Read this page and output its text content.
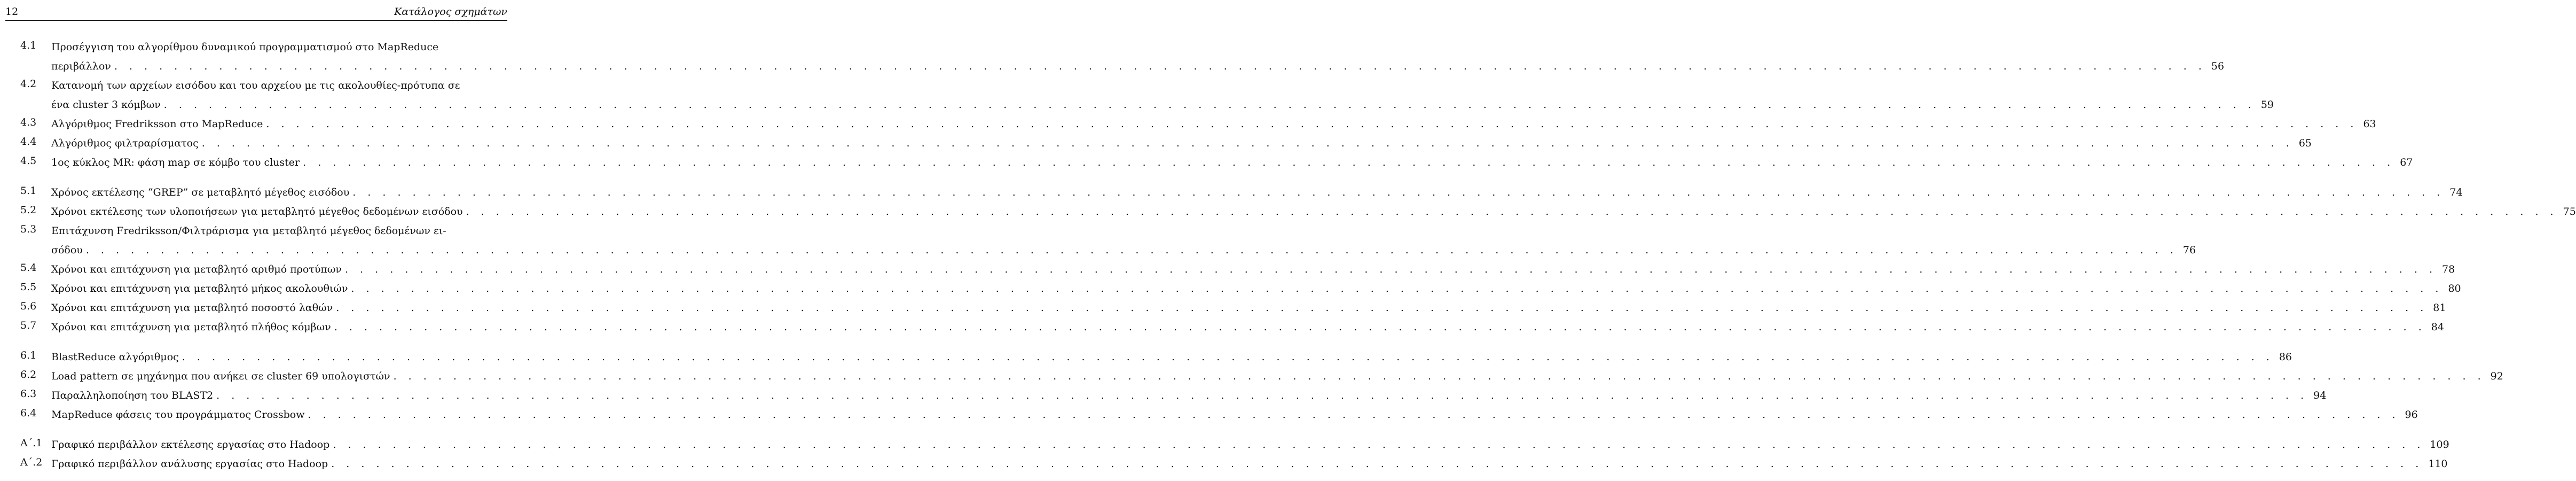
12	Κατάλογος σχημάτων
4.1	Προσέγγιση του αλγορίθμου δυναμικού προγραμματισμού στο MapReduce
περιβάλλον . . . . . . . . . . . . . . . . . . . . . . . . . . . . . . . . . . . . . . . . . . . . . . . . . . . . . . . . . . . . . . . . . . . . . . . . . . . . . . . . . . . . . . . . . . . . . . . . . . . . . . . . . . . . . . . . . . . . . . . . . . . . . . . . . . . . . . . . . . . . 56
4.2	Κατανομή των αρχείων εισόδου και του αρχείου με τις ακολουθίες-πρότυπα σε
ένα cluster 3 κόμβων . . . . . . . . . . . . . . . . . . . . . . . . . . . . . . . . . . . . . . . . . . . . . . . . . . . . . . . . . . . . . . . . . . . . . . . . . . . . . . . . . . . . . . . . . . . . . . . . . . . . . . . . . . . . . . . . . . . . . . . . . . . . . . . . . . . . . . . . . . . . 59
4.3	Αλγόριθμος Fredriksson στο MapReduce . . . . . . . . . . . . . . . . . . . . . . . . . . . . . . . . . . . . . . . . . . . . . . . . . . . . . . . . . . . . . . . . . . . . . . . . . . . . . . . . . . . . . . . . . . . . . . . . . . . . . . . . . . . . . . . . . . . . . . . . . . . . . . . . . . . . . . . . . . . . 63
4.4	Αλγόριθμος φιλτραρίσματος . . . . . . . . . . . . . . . . . . . . . . . . . . . . . . . . . . . . . . . . . . . . . . . . . . . . . . . . . . . . . . . . . . . . . . . . . . . . . . . . . . . . . . . . . . . . . . . . . . . . . . . . . . . . . . . . . . . . . . . . . . . . . . . . . . . . . . . . . . . . 65
4.5	1ος κύκλος MR: φάση map σε κόμβο του cluster . . . . . . . . . . . . . . . . . . . . . . . . . . . . . . . . . . . . . . . . . . . . . . . . . . . . . . . . . . . . . . . . . . . . . . . . . . . . . . . . . . . . . . . . . . . . . . . . . . . . . . . . . . . . . . . . . . . . . . . . . . . . . . . . . . . . . . . . . . . . 67
5.1	Χρόνος εκτέλεσης “GREP” σε μεταβλητό μέγεθος εισόδου . . . . . . . . . . . . . . . . . . . . . . . . . . . . . . . . . . . . . . . . . . . . . . . . . . . . . . . . . . . . . . . . . . . . . . . . . . . . . . . . . . . . . . . . . . . . . . . . . . . . . . . . . . . . . . . . . . . . . . . . . . . . . . . . . . . . . . . . . . . . 74
5.2	Χρόνοι εκτέλεσης των υλοποιήσεων για μεταβλητό μέγεθος δεδομένων εισόδου . . . . . . . . . . . . . . . . . . . . . . . . . . . . . . . . . . . . . . . . . . . . . . . . . . . . . . . . . . . . . . . . . . . . . . . . . . . . . . . . . . . . . . . . . . . . . . . . . . . . . . . . . . . . . . . . . . . . . . . . . . . . . . . . . . . . . . . . . . . . 75
5.3	Επιτάχυνση Fredriksson/Φιλτράρισμα για μεταβλητό μέγεθος δεδομένων ει-
σόδου . . . . . . . . . . . . . . . . . . . . . . . . . . . . . . . . . . . . . . . . . . . . . . . . . . . . . . . . . . . . . . . . . . . . . . . . . . . . . . . . . . . . . . . . . . . . . . . . . . . . . . . . . . . . . . . . . . . . . . . . . . . . . . . . . . . . . . . . . . . . 76
5.4	Χρόνοι και επιτάχυνση για μεταβλητό αριθμό προτύπων . . . . . . . . . . . . . . . . . . . . . . . . . . . . . . . . . . . . . . . . . . . . . . . . . . . . . . . . . . . . . . . . . . . . . . . . . . . . . . . . . . . . . . . . . . . . . . . . . . . . . . . . . . . . . . . . . . . . . . . . . . . . . . . . . . . . . . . . . . . . 78
5.5	Χρόνοι και επιτάχυνση για μεταβλητό μήκος ακολουθιών . . . . . . . . . . . . . . . . . . . . . . . . . . . . . . . . . . . . . . . . . . . . . . . . . . . . . . . . . . . . . . . . . . . . . . . . . . . . . . . . . . . . . . . . . . . . . . . . . . . . . . . . . . . . . . . . . . . . . . . . . . . . . . . . . . . . . . . . . . . . 80
5.6	Χρόνοι και επιτάχυνση για μεταβλητό ποσοστό λαθών . . . . . . . . . . . . . . . . . . . . . . . . . . . . . . . . . . . . . . . . . . . . . . . . . . . . . . . . . . . . . . . . . . . . . . . . . . . . . . . . . . . . . . . . . . . . . . . . . . . . . . . . . . . . . . . . . . . . . . . . . . . . . . . . . . . . . . . . . . . . 81
5.7	Χρόνοι και επιτάχυνση για μεταβλητό πλήθος κόμβων . . . . . . . . . . . . . . . . . . . . . . . . . . . . . . . . . . . . . . . . . . . . . . . . . . . . . . . . . . . . . . . . . . . . . . . . . . . . . . . . . . . . . . . . . . . . . . . . . . . . . . . . . . . . . . . . . . . . . . . . . . . . . . . . . . . . . . . . . . . . 84
6.1	BlastReduce αλγόριθμος . . . . . . . . . . . . . . . . . . . . . . . . . . . . . . . . . . . . . . . . . . . . . . . . . . . . . . . . . . . . . . . . . . . . . . . . . . . . . . . . . . . . . . . . . . . . . . . . . . . . . . . . . . . . . . . . . . . . . . . . . . . . . . . . . . . . . . . . . . . . 86
6.2	Load pattern σε μηχάνημα που ανήκει σε cluster 69 υπολογιστών . . . . . . . . . . . . . . . . . . . . . . . . . . . . . . . . . . . . . . . . . . . . . . . . . . . . . . . . . . . . . . . . . . . . . . . . . . . . . . . . . . . . . . . . . . . . . . . . . . . . . . . . . . . . . . . . . . . . . . . . . . . . . . . . . . . . . . . . . . . . 92
6.3	Παραλληλοποίηση του BLAST2 . . . . . . . . . . . . . . . . . . . . . . . . . . . . . . . . . . . . . . . . . . . . . . . . . . . . . . . . . . . . . . . . . . . . . . . . . . . . . . . . . . . . . . . . . . . . . . . . . . . . . . . . . . . . . . . . . . . . . . . . . . . . . . . . . . . . . . . . . . . . 94
6.4	MapReduce φάσεις του προγράμματος Crossbow . . . . . . . . . . . . . . . . . . . . . . . . . . . . . . . . . . . . . . . . . . . . . . . . . . . . . . . . . . . . . . . . . . . . . . . . . . . . . . . . . . . . . . . . . . . . . . . . . . . . . . . . . . . . . . . . . . . . . . . . . . . . . . . . . . . . . . . . . . . . 96
Α΄.1 Γραφικό περιβάλλον εκτέλεσης εργασίας στο Hadoop . . . . . . . . . . . . . . . . . . . . . . . . . . . . . . . . . . . . . . . . . . . . . . . . . . . . . . . . . . . . . . . . . . . . . . . . . . . . . . . . . . . . . . . . . . . . . . . . . . . . . . . . . . . . . . . . . . . . . . . . . . . . . . . . . . . . . . . . . . . . 109
Α΄.2 Γραφικό περιβάλλον ανάλυσης εργασίας στο Hadoop . . . . . . . . . . . . . . . . . . . . . . . . . . . . . . . . . . . . . . . . . . . . . . . . . . . . . . . . . . . . . . . . . . . . . . . . . . . . . . . . . . . . . . . . . . . . . . . . . . . . . . . . . . . . . . . . . . . . . . . . . . . . . . . . . . . . . . . . . . . . 110
